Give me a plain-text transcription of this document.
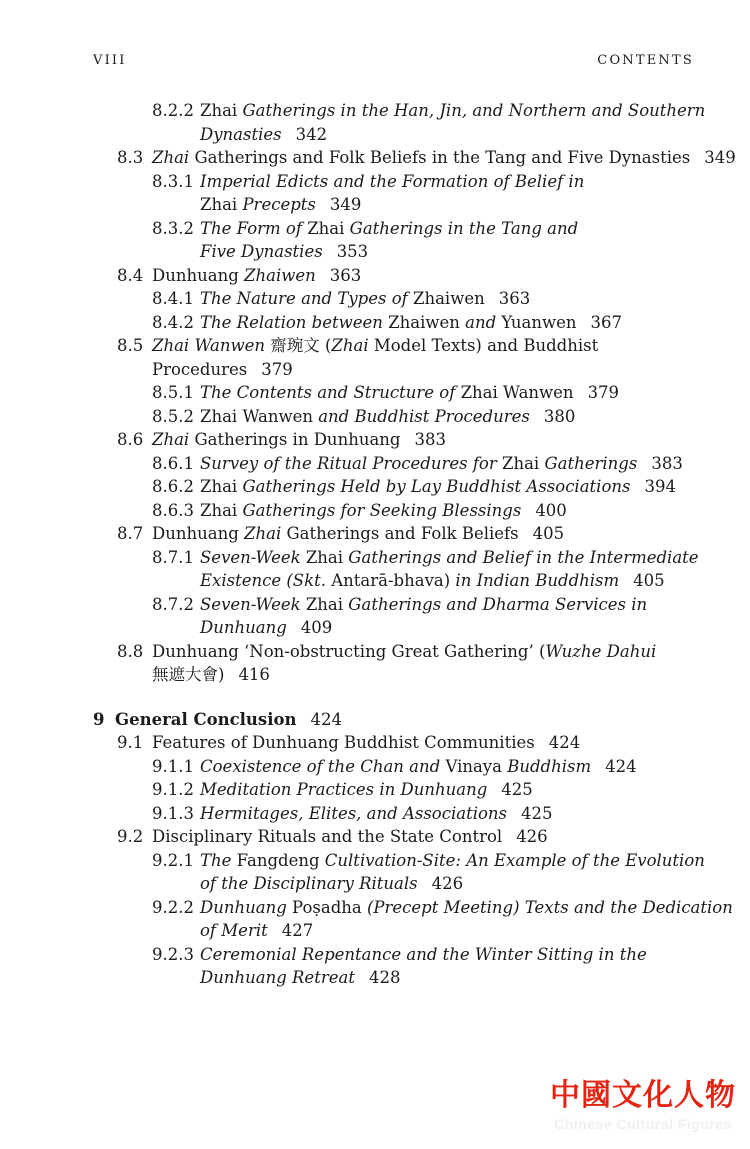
VIII	CONTENTS
8.2.2 Zhai Gatherings in the Han, Jin, and Northern and Southern
Dynasties 342
8.3 Zhai Gatherings and Folk Beliefs in the Tang and Five Dynasties 349
8.3.1 Imperial Edicts and the Formation of Belief in
Zhai Precepts 349
8.3.2 The Form of Zhai Gatherings in the Tang and
Five Dynasties 353
8.4 Dunhuang Zhaiwen 363
8.4.1 The Nature and Types of Zhaiwen 363
8.4.2 The Relation between Zhaiwen and Yuanwen 367
8.5 Zhai Wanwen 齋琬文 (Zhai Model Texts) and Buddhist
Procedures 379
8.5.1 The Contents and Structure of Zhai Wanwen 379
8.5.2 Zhai Wanwen and Buddhist Procedures 380
8.6 Zhai Gatherings in Dunhuang 383
8.6.1 Survey of the Ritual Procedures for Zhai Gatherings 383
8.6.2 Zhai Gatherings Held by Lay Buddhist Associations 394
8.6.3 Zhai Gatherings for Seeking Blessings 400
8.7 Dunhuang Zhai Gatherings and Folk Beliefs 405
8.7.1 Seven-Week Zhai Gatherings and Belief in the Intermediate
Existence (Skt. Antarā-bhava) in Indian Buddhism 405
8.7.2 Seven-Week Zhai Gatherings and Dharma Services in
Dunhuang 409
8.8 Dunhuang ‘Non-obstructing Great Gathering’ (Wuzhe Dahui
無遮大會) 416
9 General Conclusion 424
9.1 Features of Dunhuang Buddhist Communities 424
9.1.1 Coexistence of the Chan and Vinaya Buddhism 424
9.1.2 Meditation Practices in Dunhuang 425
9.1.3 Hermitages, Elites, and Associations 425
9.2 Disciplinary Rituals and the State Control 426
9.2.1 The Fangdeng Cultivation-Site: An Example of the Evolution
of the Disciplinary Rituals 426
9.2.2 Dunhuang Poṣadha (Precept Meeting) Texts and the Dedication
of Merit 427
9.2.3 Ceremonial Repentance and the Winter Sitting in the
Dunhuang Retreat 428
中國文化人物
Chinese Cultural Figures
